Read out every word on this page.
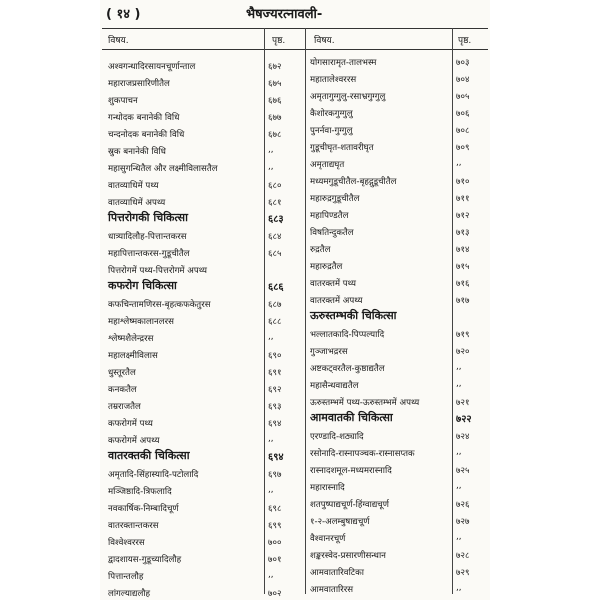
( १४ )	भैषज्यरत्नावली-
विषय.	पृष्ठ.	विषय.	पृष्ठ.
अश्वगन्धादिरसायनचूर्णान्ताल	६७२
महाराजप्रसारिणीतैल	६७५
शुकपाचन	६७६
गन्धोदक बनानेकी विधि	६७७
चन्दनोदक बनानेकी विधि	६७८
स्रुक बनानेकी विधि	,,
महासुगन्धितैल और लक्ष्मीविलासतैल	,,
वातव्याधिमें पथ्य	६८०
वातव्याधिमें अपथ्य	६८१
पित्तरोगकी चिकित्सा	६८३
धात्र्यादिलौह-पित्तान्तकरस	६८४
महापित्तान्तकरस-गुडूचीतैल	६८५
पित्तरोगमें पथ्य-पित्तरोगमें अपथ्य
कफरोग चिकित्सा	६८६
कफचिन्तामणिरस-बृहत्कफकेतुरस	६८७
महाश्लेष्मकालानलरस	६८८
श्लेष्मशैलेन्द्ररस	,,
महालक्ष्मीविलास	६९०
धुस्तूरतैल	६९१
कनकतैल	६९२
तम्रराजतैल	६९३
कफरोगमें पथ्य	६९४
कफरोगमें अपथ्य	,,
वातरक्तकी चिकित्सा	६९४
अमृतादि-सिंहास्यादि-पटोलादि	६९७
मञ्जिष्ठादि-त्रिफलादि	,,
नवकार्षिक-निम्बादिचूर्ण	६९८
वातरक्तान्तकरस	६९९
विश्वेश्वररस	७००
द्वादशायस-गुडूच्यादिलौह	७०१
पित्तान्तलौह	,,
लांगल्याद्यलौह	७०२
योगसारामृत-तालभस्म	७०३
महातालेश्वररस	७०४
अमृतागुग्गुलु-रसाभ्रगुग्गुलु	७०५
कैशोरकगुग्गुलु	७०६
पुनर्नवा-गुग्गुलु	७०८
गुडूचीघृत-शतावरीघृत	७०९
अमृताद्यघृत	,,
मध्यमगुडूचीतैल-बृहद्गुडूचीतैल	७१०
महारुद्रगुडूचीतैल	७११
महापिण्डतैल	७१२
विषतिन्दुकतैल	७१३
रुद्रतैल	७१४
महारुद्रतैल	७१५
वातरक्तमें पथ्य	७१६
वातरक्तमें अपथ्य	७१७
ऊरुस्तम्भकी चिकित्सा
भल्लातकादि-पिप्पल्यादि	७१९
गुञ्जाभद्ररस	७२०
अष्टकट्वरतैल-कुष्ठाद्यतैल	,,
महासैन्धवाद्यतैल	,,
ऊरुस्तम्भमें पथ्य-ऊरुस्तम्भमें अपथ्य	७२१
आमवातकी चिकित्सा	७२२
एरण्डादि-शठ्यादि	७२४
रसोनादि-रास्नापञ्चक-रास्नासप्तक	,,
रास्नादशमूल-मध्यमरास्नादि	७२५
महारास्नादि	,,
शतपुष्पाद्यचूर्ण-हिंग्वाद्यचूर्ण	७२६
१-२-अलम्बुषाद्यचूर्ण	७२७
वैश्वानरचूर्ण	,,
शङ्करस्वेद-प्रसारणीसन्धान	७२८
आमवातारिवटिका	७२९
आमवातारिरस	,,
